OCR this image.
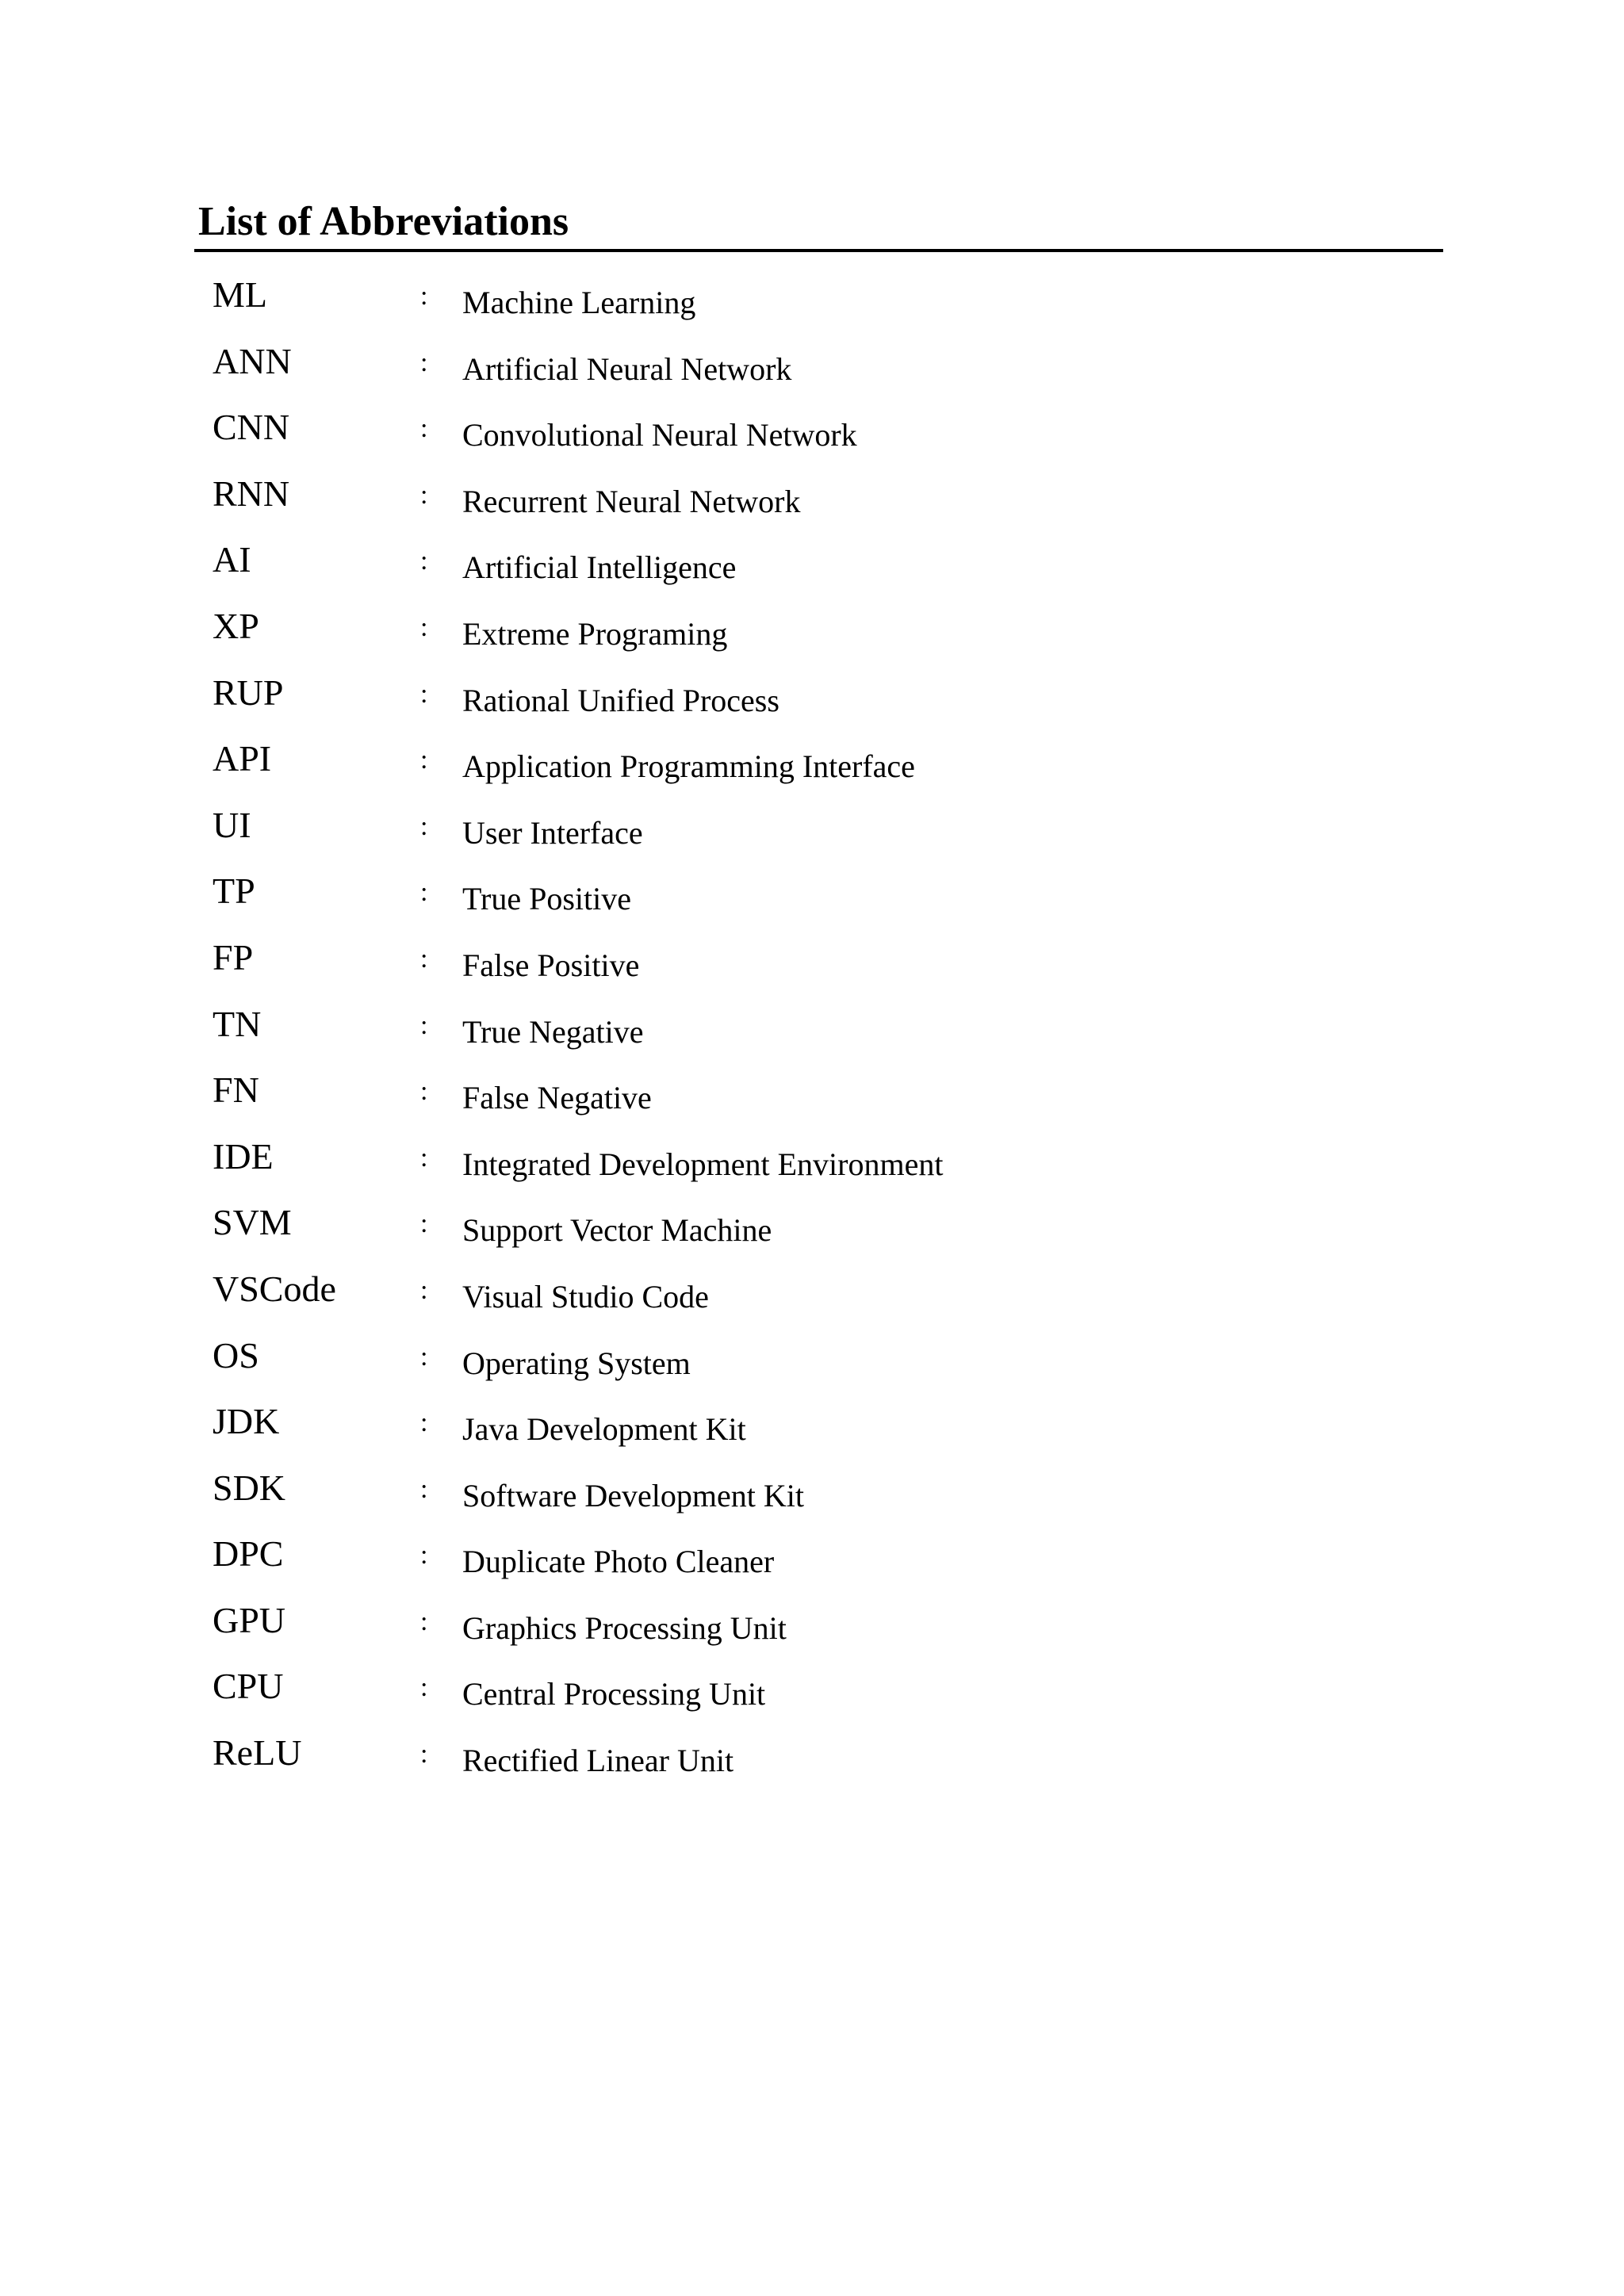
List of Abbreviations
ML	: Machine Learning
ANN	: Artificial Neural Network
CNN	: Convolutional Neural Network
RNN	: Recurrent Neural Network
AI	: Artificial Intelligence
XP	: Extreme Programing
RUP	: Rational Unified Process
API	: Application Programming Interface
UI	: User Interface
TP	: True Positive
FP	: False Positive
TN	: True Negative
FN	: False Negative
IDE	: Integrated Development Environment
SVM	: Support Vector Machine
VSCode	: Visual Studio Code
OS	: Operating System
JDK	: Java Development Kit
SDK	: Software Development Kit
DPC	: Duplicate Photo Cleaner
GPU	: Graphics Processing Unit
CPU	: Central Processing Unit
ReLU	: Rectified Linear Unit
